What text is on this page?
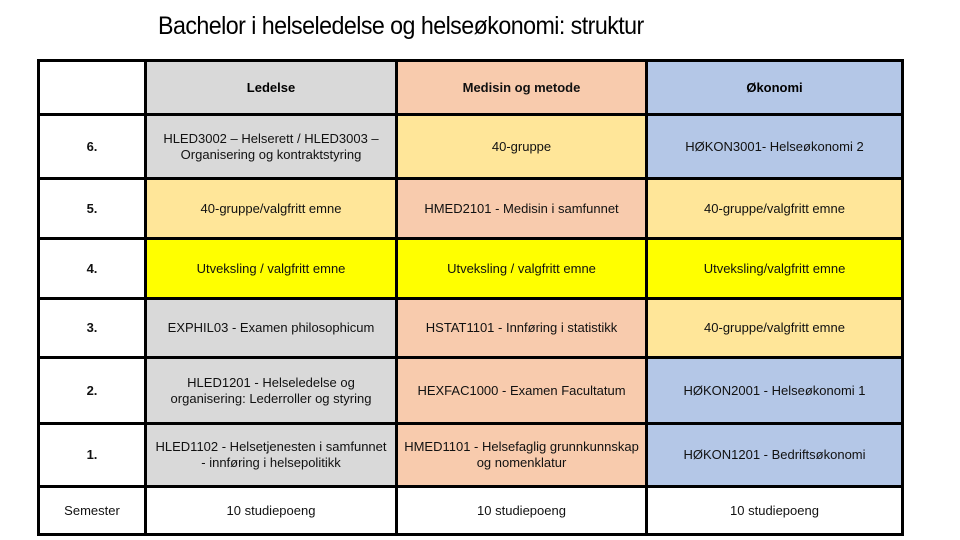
Bachelor i helseledelse og helseøkonomi: struktur
	Ledelse	Medisin og metode	Økonomi
6.	HLED3002 – Helserett / HLED3003 – Organisering og kontraktstyring	40-gruppe	HØKON3001- Helseøkonomi 2
5.	40-gruppe/valgfritt emne	HMED2101 - Medisin i samfunnet	40-gruppe/valgfritt emne
4.	Utveksling / valgfritt emne	Utveksling / valgfritt emne	Utveksling/valgfritt emne
3.	EXPHIL03 - Examen philosophicum	HSTAT1101 - Innføring i statistikk	40-gruppe/valgfritt emne
2.	HLED1201 - Helseledelse og organisering: Lederroller og styring	HEXFAC1000 - Examen Facultatum	HØKON2001 - Helseøkonomi 1
1.	HLED1102 - Helsetjenesten i samfunnet - innføring i helsepolitikk	HMED1101 - Helsefaglig grunnkunnskap og nomenklatur	HØKON1201 - Bedriftsøkonomi
Semester	10 studiepoeng	10 studiepoeng	10 studiepoeng
